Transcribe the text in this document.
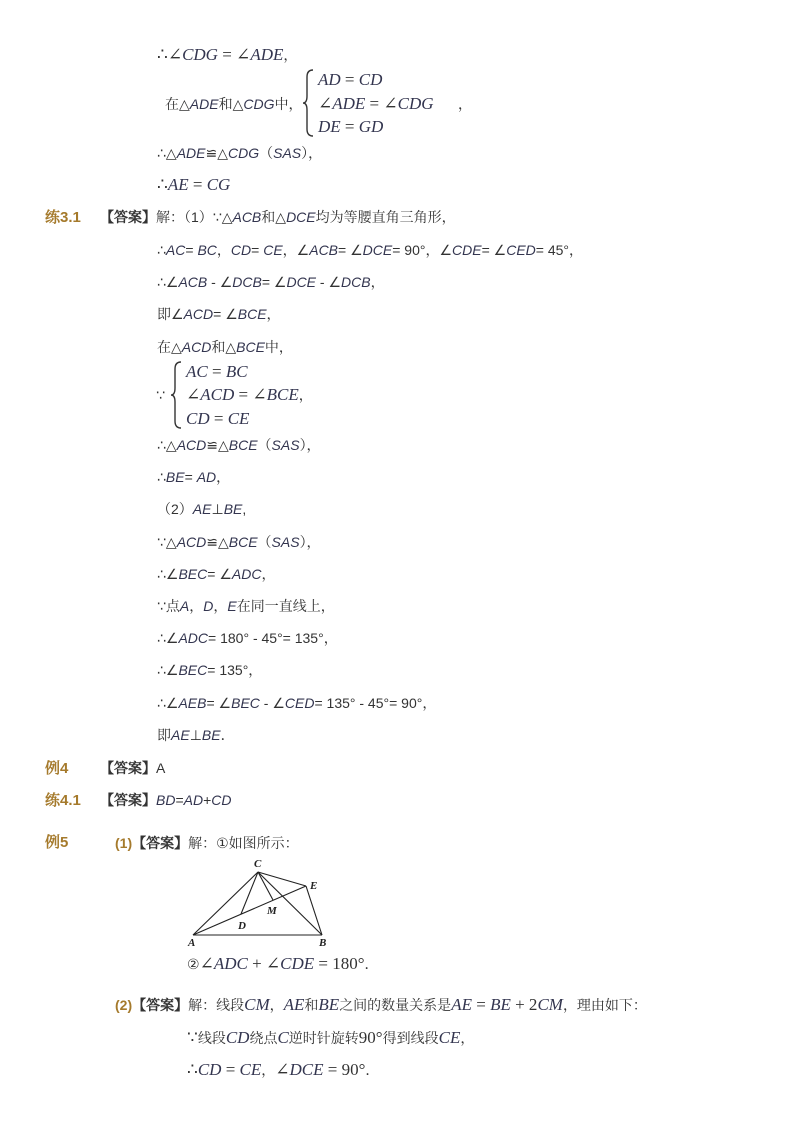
∴∠CDG = ∠ADE，
在△ADE和△CDG中，
AD = CD
∠ADE = ∠CDG
DE = GD
，
∴△ADE≌△CDG（SAS），
∴AE = CG
练3.1 【答案】解：（1）∵△ACB和△DCE均为等腰直角三角形，
∴AC= BC，CD= CE，∠ACB= ∠DCE= 90°，∠CDE= ∠CED= 45°，
∴∠ACB - ∠DCB= ∠DCE - ∠DCB，
即∠ACD= ∠BCE，
在△ACD和△BCE中，
∵
AC = BC
∠ACD = ∠BCE，
CD = CE
∴△ACD≌△BCE（SAS），
∴BE= AD，
（2）AE⊥BE,
∵△ACD≌△BCE（SAS），
∴∠BEC= ∠ADC，
∵点A，D，E在同一直线上，
∴∠ADC= 180° - 45°= 135°，
∴∠BEC= 135°，
∴∠AEB= ∠BEC - ∠CED= 135° - 45°= 90°，
即AE⊥BE．
例4 【答案】A
练4.1 【答案】BD=AD+CD
例5	(1)【答案】解：①如图所示：
C
E
M
D
A	B
②∠ADC + ∠CDE = 180°．
(2)【答案】解：线段CM，AE和BE之间的数量关系是AE = BE + 2CM，理由如下：
∵线段CD绕点C逆时针旋转90°得到线段CE，
∴CD = CE，∠DCE = 90°．
